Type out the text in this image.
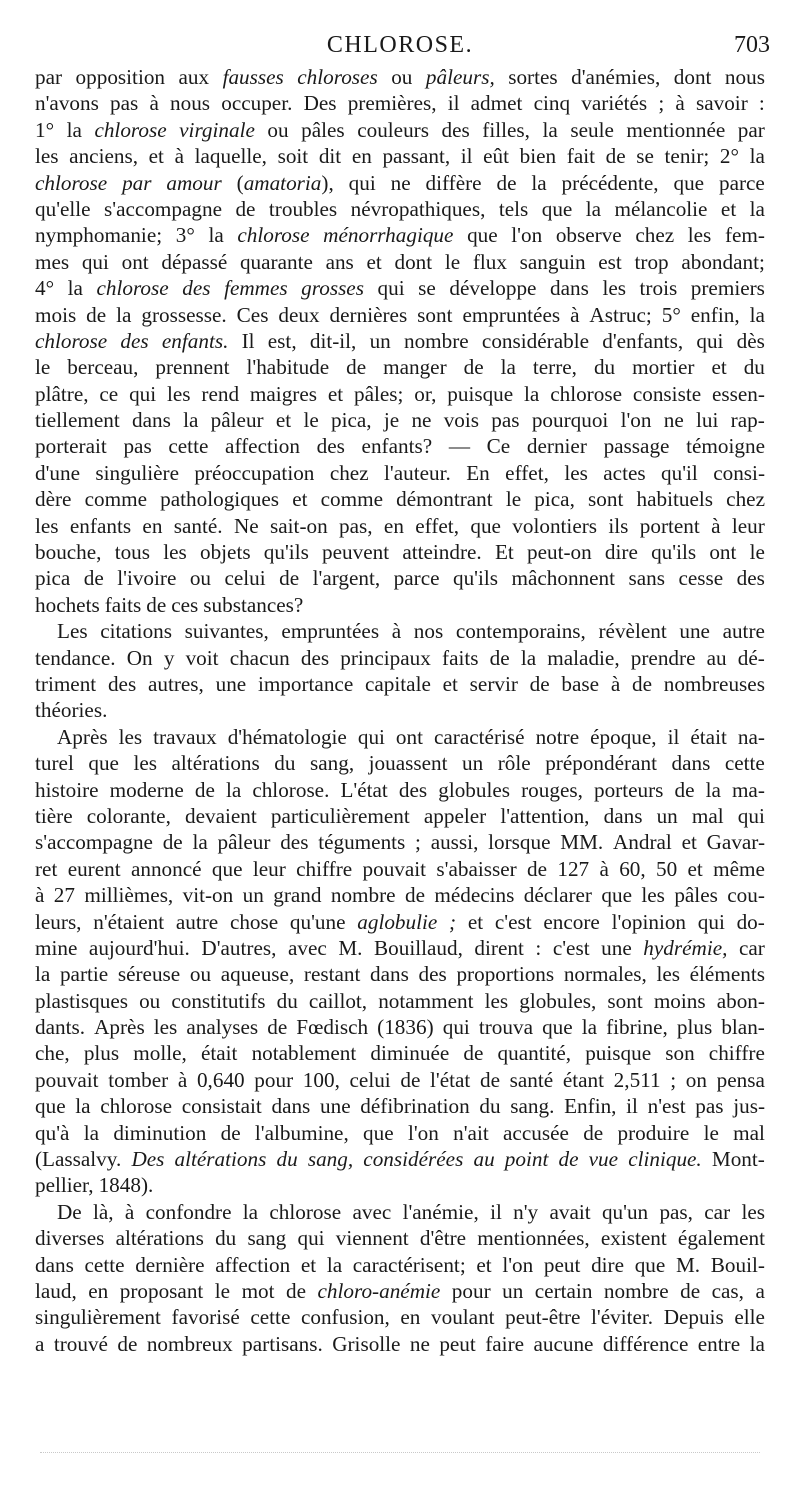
CHLOROSE.	703
par opposition aux fausses chloroses ou pâleurs, sortes d'anémies, dont nous
n'avons pas à nous occuper. Des premières, il admet cinq variétés ; à savoir :
1° la chlorose virginale ou pâles couleurs des filles, la seule mentionnée par
les anciens, et à laquelle, soit dit en passant, il eût bien fait de se tenir; 2° la
chlorose par amour (amatoria), qui ne diffère de la précédente, que parce
qu'elle s'accompagne de troubles névropathiques, tels que la mélancolie et la
nymphomanie; 3° la chlorose ménorrhagique que l'on observe chez les fem-
mes qui ont dépassé quarante ans et dont le flux sanguin est trop abondant;
4° la chlorose des femmes grosses qui se développe dans les trois premiers
mois de la grossesse. Ces deux dernières sont empruntées à Astruc; 5° enfin, la
chlorose des enfants. Il est, dit-il, un nombre considérable d'enfants, qui dès
le berceau, prennent l'habitude de manger de la terre, du mortier et du
plâtre, ce qui les rend maigres et pâles; or, puisque la chlorose consiste essen-
tiellement dans la pâleur et le pica, je ne vois pas pourquoi l'on ne lui rap-
porterait pas cette affection des enfants? — Ce dernier passage témoigne
d'une singulière préoccupation chez l'auteur. En effet, les actes qu'il consi-
dère comme pathologiques et comme démontrant le pica, sont habituels chez
les enfants en santé. Ne sait-on pas, en effet, que volontiers ils portent à leur
bouche, tous les objets qu'ils peuvent atteindre. Et peut-on dire qu'ils ont le
pica de l'ivoire ou celui de l'argent, parce qu'ils mâchonnent sans cesse des
hochets faits de ces substances?
Les citations suivantes, empruntées à nos contemporains, révèlent une autre
tendance. On y voit chacun des principaux faits de la maladie, prendre au dé-
triment des autres, une importance capitale et servir de base à de nombreuses
théories.
Après les travaux d'hématologie qui ont caractérisé notre époque, il était na-
turel que les altérations du sang, jouassent un rôle prépondérant dans cette
histoire moderne de la chlorose. L'état des globules rouges, porteurs de la ma-
tière colorante, devaient particulièrement appeler l'attention, dans un mal qui
s'accompagne de la pâleur des téguments ; aussi, lorsque MM. Andral et Gavar-
ret eurent annoncé que leur chiffre pouvait s'abaisser de 127 à 60, 50 et même
à 27 millièmes, vit-on un grand nombre de médecins déclarer que les pâles cou-
leurs, n'étaient autre chose qu'une aglobulie ; et c'est encore l'opinion qui do-
mine aujourd'hui. D'autres, avec M. Bouillaud, dirent : c'est une hydrémie, car
la partie séreuse ou aqueuse, restant dans des proportions normales, les éléments
plastisques ou constitutifs du caillot, notamment les globules, sont moins abon-
dants. Après les analyses de Fœdisch (1836) qui trouva que la fibrine, plus blan-
che, plus molle, était notablement diminuée de quantité, puisque son chiffre
pouvait tomber à 0,640 pour 100, celui de l'état de santé étant 2,511 ; on pensa
que la chlorose consistait dans une défibrination du sang. Enfin, il n'est pas jus-
qu'à la diminution de l'albumine, que l'on n'ait accusée de produire le mal
(Lassalvy. Des altérations du sang, considérées au point de vue clinique. Mont-
pellier, 1848).
De là, à confondre la chlorose avec l'anémie, il n'y avait qu'un pas, car les
diverses altérations du sang qui viennent d'être mentionnées, existent également
dans cette dernière affection et la caractérisent; et l'on peut dire que M. Bouil-
laud, en proposant le mot de chloro-anémie pour un certain nombre de cas, a
singulièrement favorisé cette confusion, en voulant peut-être l'éviter. Depuis elle
a trouvé de nombreux partisans. Grisolle ne peut faire aucune différence entre la
